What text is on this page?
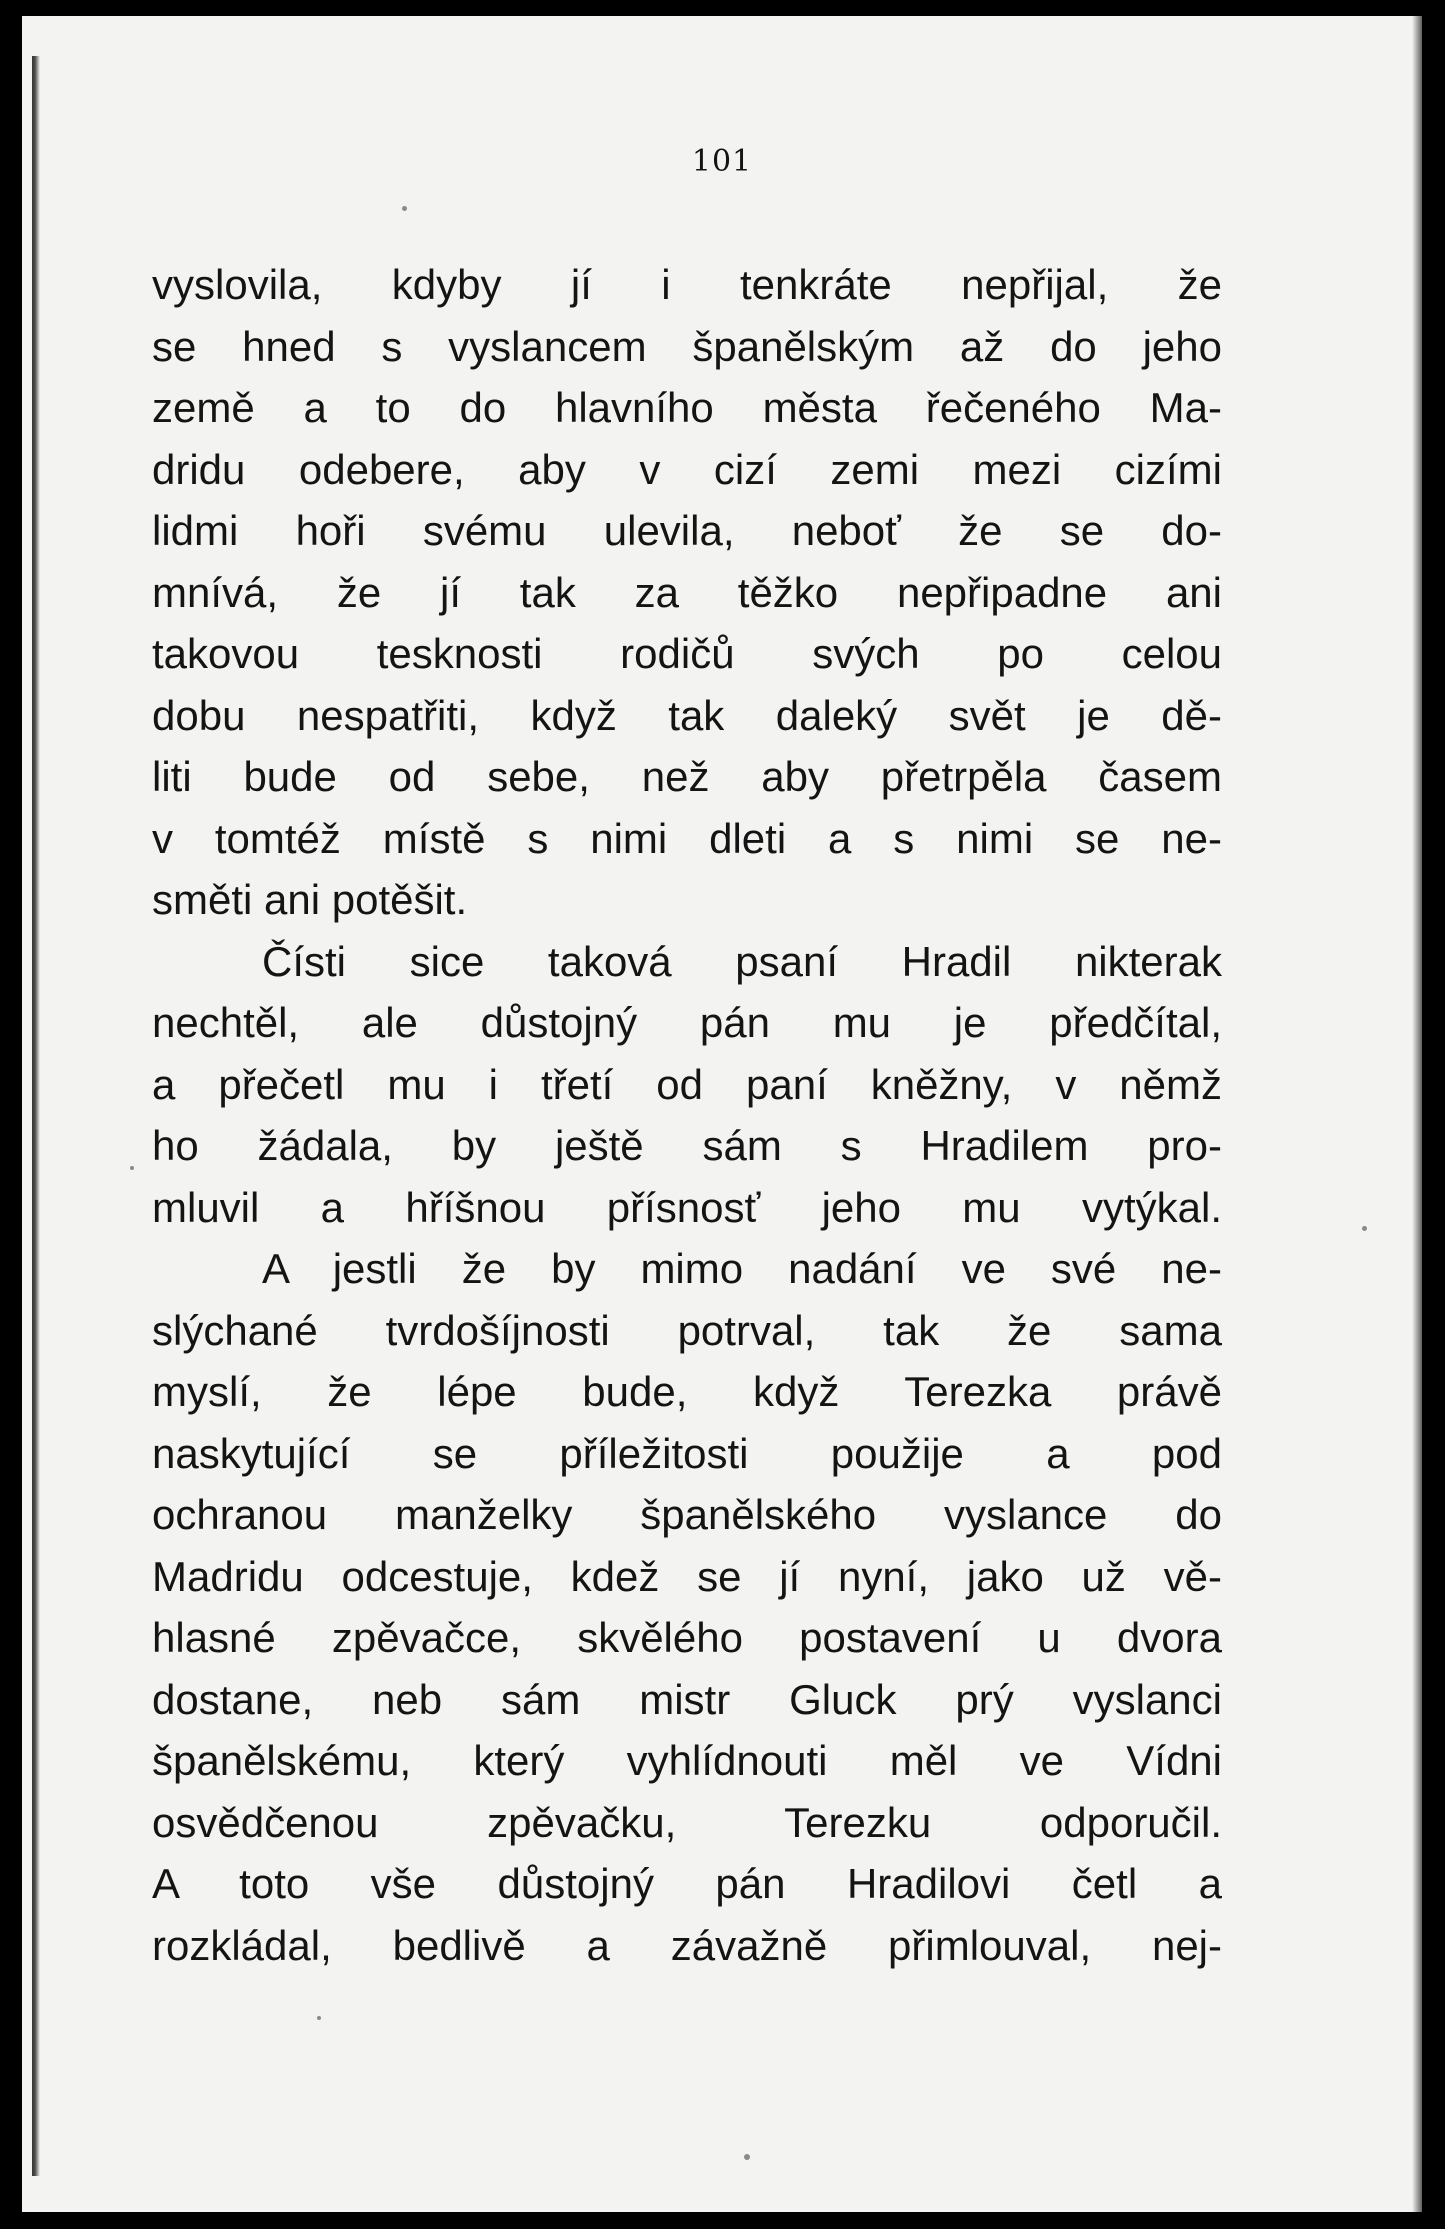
101

vyslovila, kdyby jí i tenkráte nepřijal, že
se hned s vyslancem španělským až do jeho
země a to do hlavního města řečeného Ma-
dridu odebere, aby v cizí zemi mezi cizími
lidmi hoři svému ulevila, neboť že se do-
mnívá, že jí tak za těžko nepřipadne ani
takovou tesknosti rodičů svých po celou
dobu nespatřiti, když tak daleký svět je dě-
liti bude od sebe, než aby přetrpěla časem
v tomtéž místě s nimi dleti a s nimi se ne-
směti ani potěšit.

Čísti sice taková psaní Hradil nikterak
nechtěl, ale důstojný pán mu je předčítal,
a přečetl mu i třetí od paní kněžny, v němž
ho žádala, by ještě sám s Hradilem pro-
mluvil a hříšnou přísnosť jeho mu vytýkal.

A jestli že by mimo nadání ve své ne-
slýchané tvrdošíjnosti potrval, tak že sama
myslí, že lépe bude, když Terezka právě
naskytující se příležitosti použije a pod
ochranou manželky španělského vyslance do
Madridu odcestuje, kdež se jí nyní, jako už vě-
hlasné zpěvačce, skvělého postavení u dvora
dostane, neb sám mistr Gluck prý vyslanci
španělskému, který vyhlídnouti měl ve Vídni
osvědčenou zpěvačku, Terezku odporučil.
A toto vše důstojný pán Hradilovi četl a
rozkládal, bedlivě a závažně přimlouval, nej-
